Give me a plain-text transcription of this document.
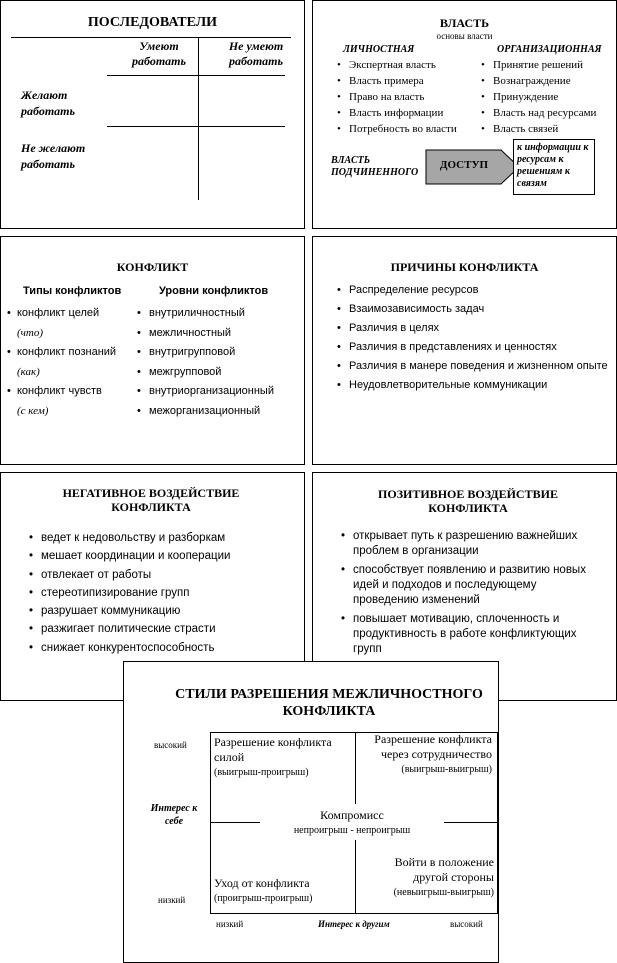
ПОСЛЕДОВАТЕЛИ
Умеют работать
Не умеют работать
Желают работать
Не желают работать
ВЛАСТЬ
основы власти
ЛИЧНОСТНАЯ	ОРГАНИЗАЦИОННАЯ
• Экспертная власть
• Власть примера
• Право на власть
• Власть информации
• Потребность во власти
• Принятие решений
• Вознаграждение
• Принуждение
• Власть над ресурсами
• Власть связей
ВЛАСТЬ ПОДЧИНЕННОГО
ДОСТУП
к информации к ресурсам к решениям к связям
КОНФЛИКТ
Типы конфликтов	Уровни конфликтов
• конфликт целей
(что)
• конфликт познаний
(как)
• конфликт чувств
(с кем)
• внутриличностный
• межличностный
• внутригрупповой
• межгрупповой
• внутриорганизационный
• межорганизационный
ПРИЧИНЫ КОНФЛИКТА
• Распределение ресурсов
• Взаимозависимость задач
• Различия в целях
• Различия в представлениях и ценностях
• Различия в манере поведения и жизненном опыте
• Неудовлетворительные коммуникации
НЕГАТИВНОЕ ВОЗДЕЙСТВИЕ КОНФЛИКТА
• ведет к недовольству и разборкам
• мешает координации и кооперации
• отвлекает от работы
• стереотипизирование групп
• разрушает коммуникацию
• разжигает политические страсти
• снижает конкурентоспособность
ПОЗИТИВНОЕ ВОЗДЕЙСТВИЕ КОНФЛИКТА
• открывает путь к разрешению важнейших проблем в организации
• способствует появлению и развитию новых идей и подходов и последующему проведению изменений
• повышает мотивацию, сплоченность и продуктивность в работе конфликтующих групп
СТИЛИ РАЗРЕШЕНИЯ МЕЖЛИЧНОСТНОГО КОНФЛИКТА
высокий
Интерес к себе
низкий
низкий	Интерес к другим	высокий
Разрешение конфликта силой
(выигрыш-проигрыш)
Разрешение конфликта через сотрудничество
(выигрыш-выигрыш)
Компромисс
непроигрыш - непроигрыш
Уход от конфликта
(проигрыш-проигрыш)
Войти в положение другой стороны
(невыигрыш-выигрыш)
